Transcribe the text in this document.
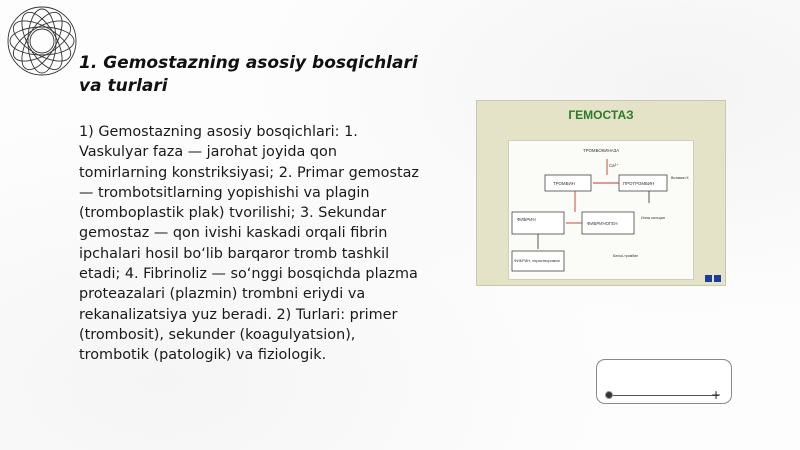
1. Gemostazning asosiy bosqichlari va turlari

1) Gemostazning asosiy bosqichlari: 1. Vaskulyar faza — jarohat joyida qon tomirlarning konstriksiyasi; 2. Primar gemostaz — trombotsitlarning yopishishi va plagin (tromboplastik plak) tvorilishi; 3. Sekundar gemostaz — qon ivishi kaskadi orqali fibrin ipchalari hosil bo‘lib barqaror tromb tashkil etadi; 4. Fibrinoliz — so‘nggi bosqichda plazma proteazalari (plazmin) trombni eriydi va rekanalizatsiya yuz beradi. 2) Turlari: primer (trombosit), sekunder (koagulyatsion), trombotik (patologik) va fiziologik.

ГЕМОСТАЗ
ТРОМБОКИНАЗА
Ca²⁺
ТРОМБИН	ПРОТРОМБИН
ФИБРИН
ФИБРИНОГЕН
ФИБРИН, нерастворимые
Витамин К
Ионы кальция
Белок-тромбин
+
